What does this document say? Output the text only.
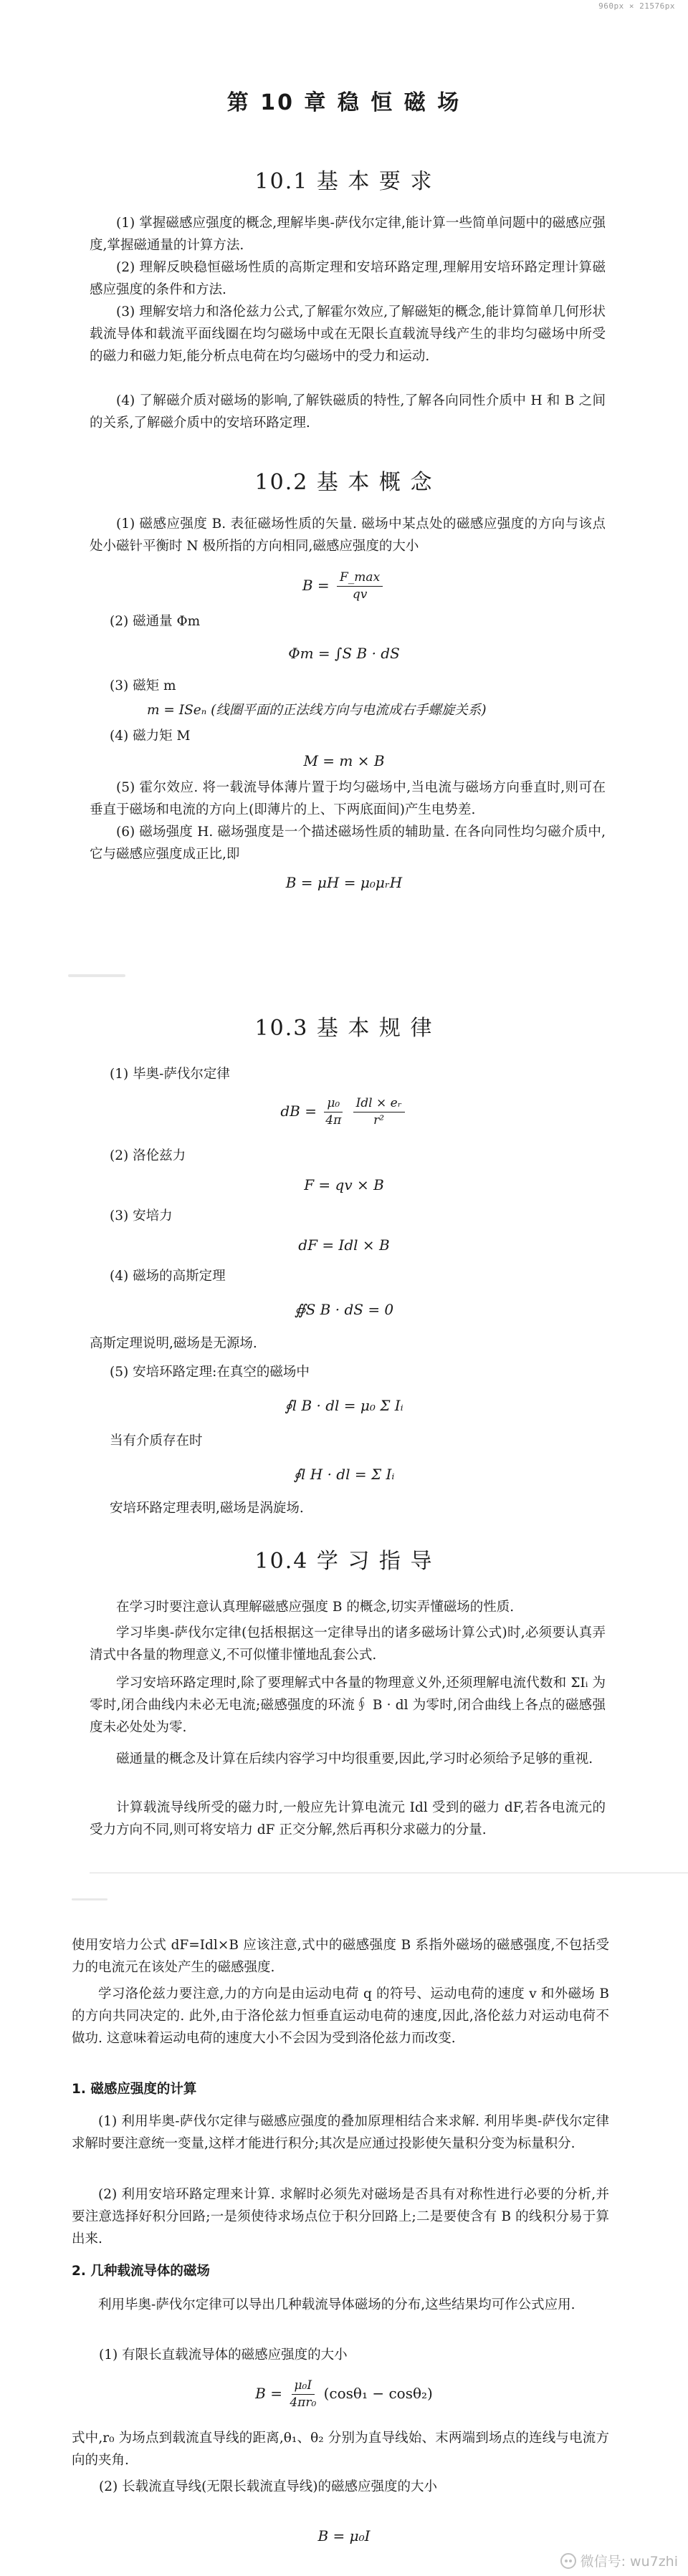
960px × 21576px
第 10 章 稳 恒 磁 场
10.1 基 本 要 求
(1) 掌握磁感应强度的概念,理解毕奥-萨伐尔定律,能计算一些简单问题中的磁感应强度,掌握磁通量的计算方法.
(2) 理解反映稳恒磁场性质的高斯定理和安培环路定理,理解用安培环路定理计算磁感应强度的条件和方法.
(3) 理解安培力和洛伦兹力公式,了解霍尔效应,了解磁矩的概念,能计算简单几何形状载流导体和载流平面线圈在均匀磁场中或在无限长直载流导线产生的非均匀磁场中所受的磁力和磁力矩,能分析点电荷在均匀磁场中的受力和运动.
(4) 了解磁介质对磁场的影响,了解铁磁质的特性,了解各向同性介质中 H 和 B 之间的关系,了解磁介质中的安培环路定理.
10.2 基 本 概 念
(1) 磁感应强度 B. 表征磁场性质的矢量. 磁场中某点处的磁感应强度的方向与该点处小磁针平衡时 N 极所指的方向相同,磁感应强度的大小
$B = \frac{F\_\max}{qv}$
(2) 磁通量 Φm
Φm = ∫S B · dS
(3) 磁矩 m
m = ISeₙ (线圈平面的正法线方向与电流成右手螺旋关系)
(4) 磁力矩 M
M = m × B
(5) 霍尔效应. 将一载流导体薄片置于均匀磁场中,当电流与磁场方向垂直时,则可在垂直于磁场和电流的方向上(即薄片的上、下两底面间)产生电势差.
(6) 磁场强度 H. 磁场强度是一个描述磁场性质的辅助量. 在各向同性均匀磁介质中,它与磁感应强度成正比,即
B = μH = μ₀μᵣH
10.3 基 本 规 律
(1) 毕奥-萨伐尔定律
dB = $\frac{\text{μ₀}}{4\pi}$
$\frac{\text{Idl × eᵣ}}{\text{r²}}$
(2) 洛伦兹力
F = qv × B
(3) 安培力
dF = Idl × B
(4) 磁场的高斯定理
∯S B · dS = 0
高斯定理说明,磁场是无源场.
(5) 安培环路定理:在真空的磁场中
∮l B · dl = μ₀ Σ Iᵢ
当有介质存在时
∮l H · dl = Σ Iᵢ
安培环路定理表明,磁场是涡旋场.
10.4 学 习 指 导
在学习时要注意认真理解磁感应强度 B 的概念,切实弄懂磁场的性质.
学习毕奥-萨伐尔定律(包括根据这一定律导出的诸多磁场计算公式)时,必须要认真弄清式中各量的物理意义,不可似懂非懂地乱套公式.
学习安培环路定理时,除了要理解式中各量的物理意义外,还须理解电流代数和 ΣIᵢ 为零时,闭合曲线内未必无电流;磁感强度的环流∮ B · dl 为零时,闭合曲线上各点的磁感强度未必处处为零.
磁通量的概念及计算在后续内容学习中均很重要,因此,学习时必须给予足够的重视.
计算载流导线所受的磁力时,一般应先计算电流元 Idl 受到的磁力 dF,若各电流元的受力方向不同,则可将安培力 dF 正交分解,然后再积分求磁力的分量.
使用安培力公式 dF=Idl×B 应该注意,式中的磁感强度 B 系指外磁场的磁感强度,不包括受力的电流元在该处产生的磁感强度.
学习洛伦兹力要注意,力的方向是由运动电荷 q 的符号、运动电荷的速度 v 和外磁场 B 的方向共同决定的. 此外,由于洛伦兹力恒垂直运动电荷的速度,因此,洛伦兹力对运动电荷不做功. 这意味着运动电荷的速度大小不会因为受到洛伦兹力而改变.
1. 磁感应强度的计算
(1) 利用毕奥-萨伐尔定律与磁感应强度的叠加原理相结合来求解. 利用毕奥-萨伐尔定律求解时要注意统一变量,这样才能进行积分;其次是应通过投影使矢量积分变为标量积分.
(2) 利用安培环路定理来计算. 求解时必须先对磁场是否具有对称性进行必要的分析,并要注意选择好积分回路;一是须使待求场点位于积分回路上;二是要使含有 B 的线积分易于算出来.
2. 几种载流导体的磁场
利用毕奥-萨伐尔定律可以导出几种载流导体磁场的分布,这些结果均可作公式应用.
(1) 有限长直载流导体的磁感应强度的大小
$B = \frac{\text{μ₀I}}{\text{4πr₀}} (\cos\theta_1 - \cos\theta_2)$
式中,r₀ 为场点到载流直导线的距离,θ₁、θ₂ 分别为直导线始、末两端到场点的连线与电流方向的夹角.
(2) 长载流直导线(无限长载流直导线)的磁感应强度的大小
B = μ₀I
微信号: wu7zhi
